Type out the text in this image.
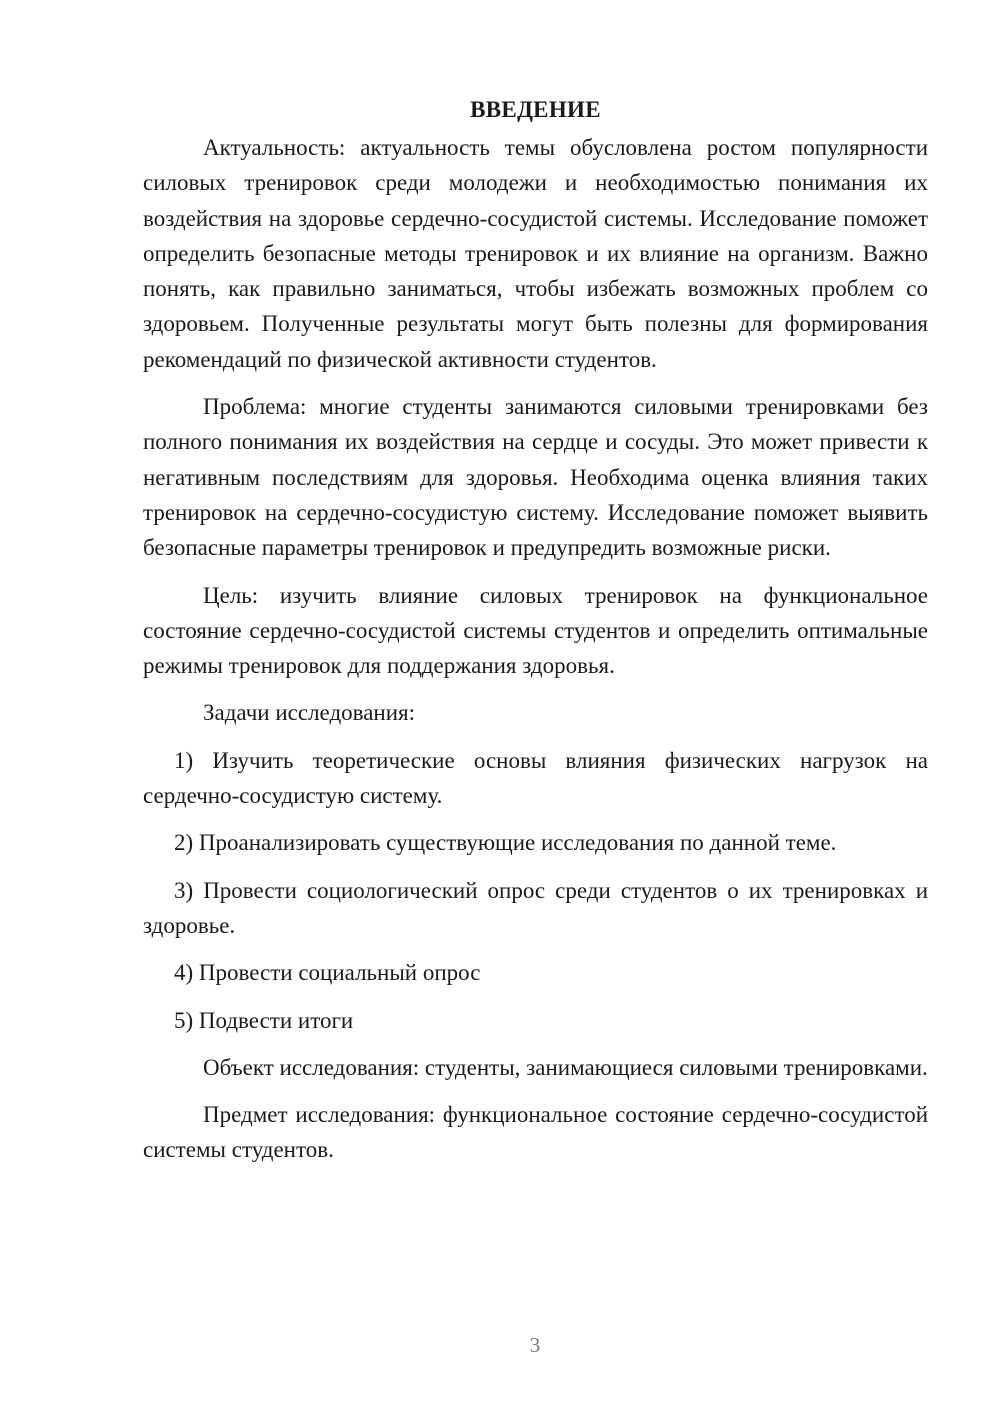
ВВЕДЕНИЕ

Актуальность: актуальность темы обусловлена ростом популярности силовых тренировок среди молодежи и необходимостью понимания их воздействия на здоровье сердечно-сосудистой системы. Исследование поможет определить безопасные методы тренировок и их влияние на организм. Важно понять, как правильно заниматься, чтобы избежать возможных проблем со здоровьем. Полученные результаты могут быть полезны для формирования рекомендаций по физической активности студентов.

Проблема: многие студенты занимаются силовыми тренировками без полного понимания их воздействия на сердце и сосуды. Это может привести к негативным последствиям для здоровья. Необходима оценка влияния таких тренировок на сердечно-сосудистую систему. Исследование поможет выявить безопасные параметры тренировок и предупредить возможные риски.

Цель: изучить влияние силовых тренировок на функциональное состояние сердечно-сосудистой системы студентов и определить оптимальные режимы тренировок для поддержания здоровья.

Задачи исследования:

1) Изучить теоретические основы влияния физических нагрузок на сердечно-сосудистую систему.

2) Проанализировать существующие исследования по данной теме.

3) Провести социологический опрос среди студентов о их тренировках и здоровье.

4) Провести социальный опрос

5) Подвести итоги

Объект исследования: студенты, занимающиеся силовыми тренировками.

Предмет исследования: функциональное состояние сердечно-сосудистой системы студентов.

3
